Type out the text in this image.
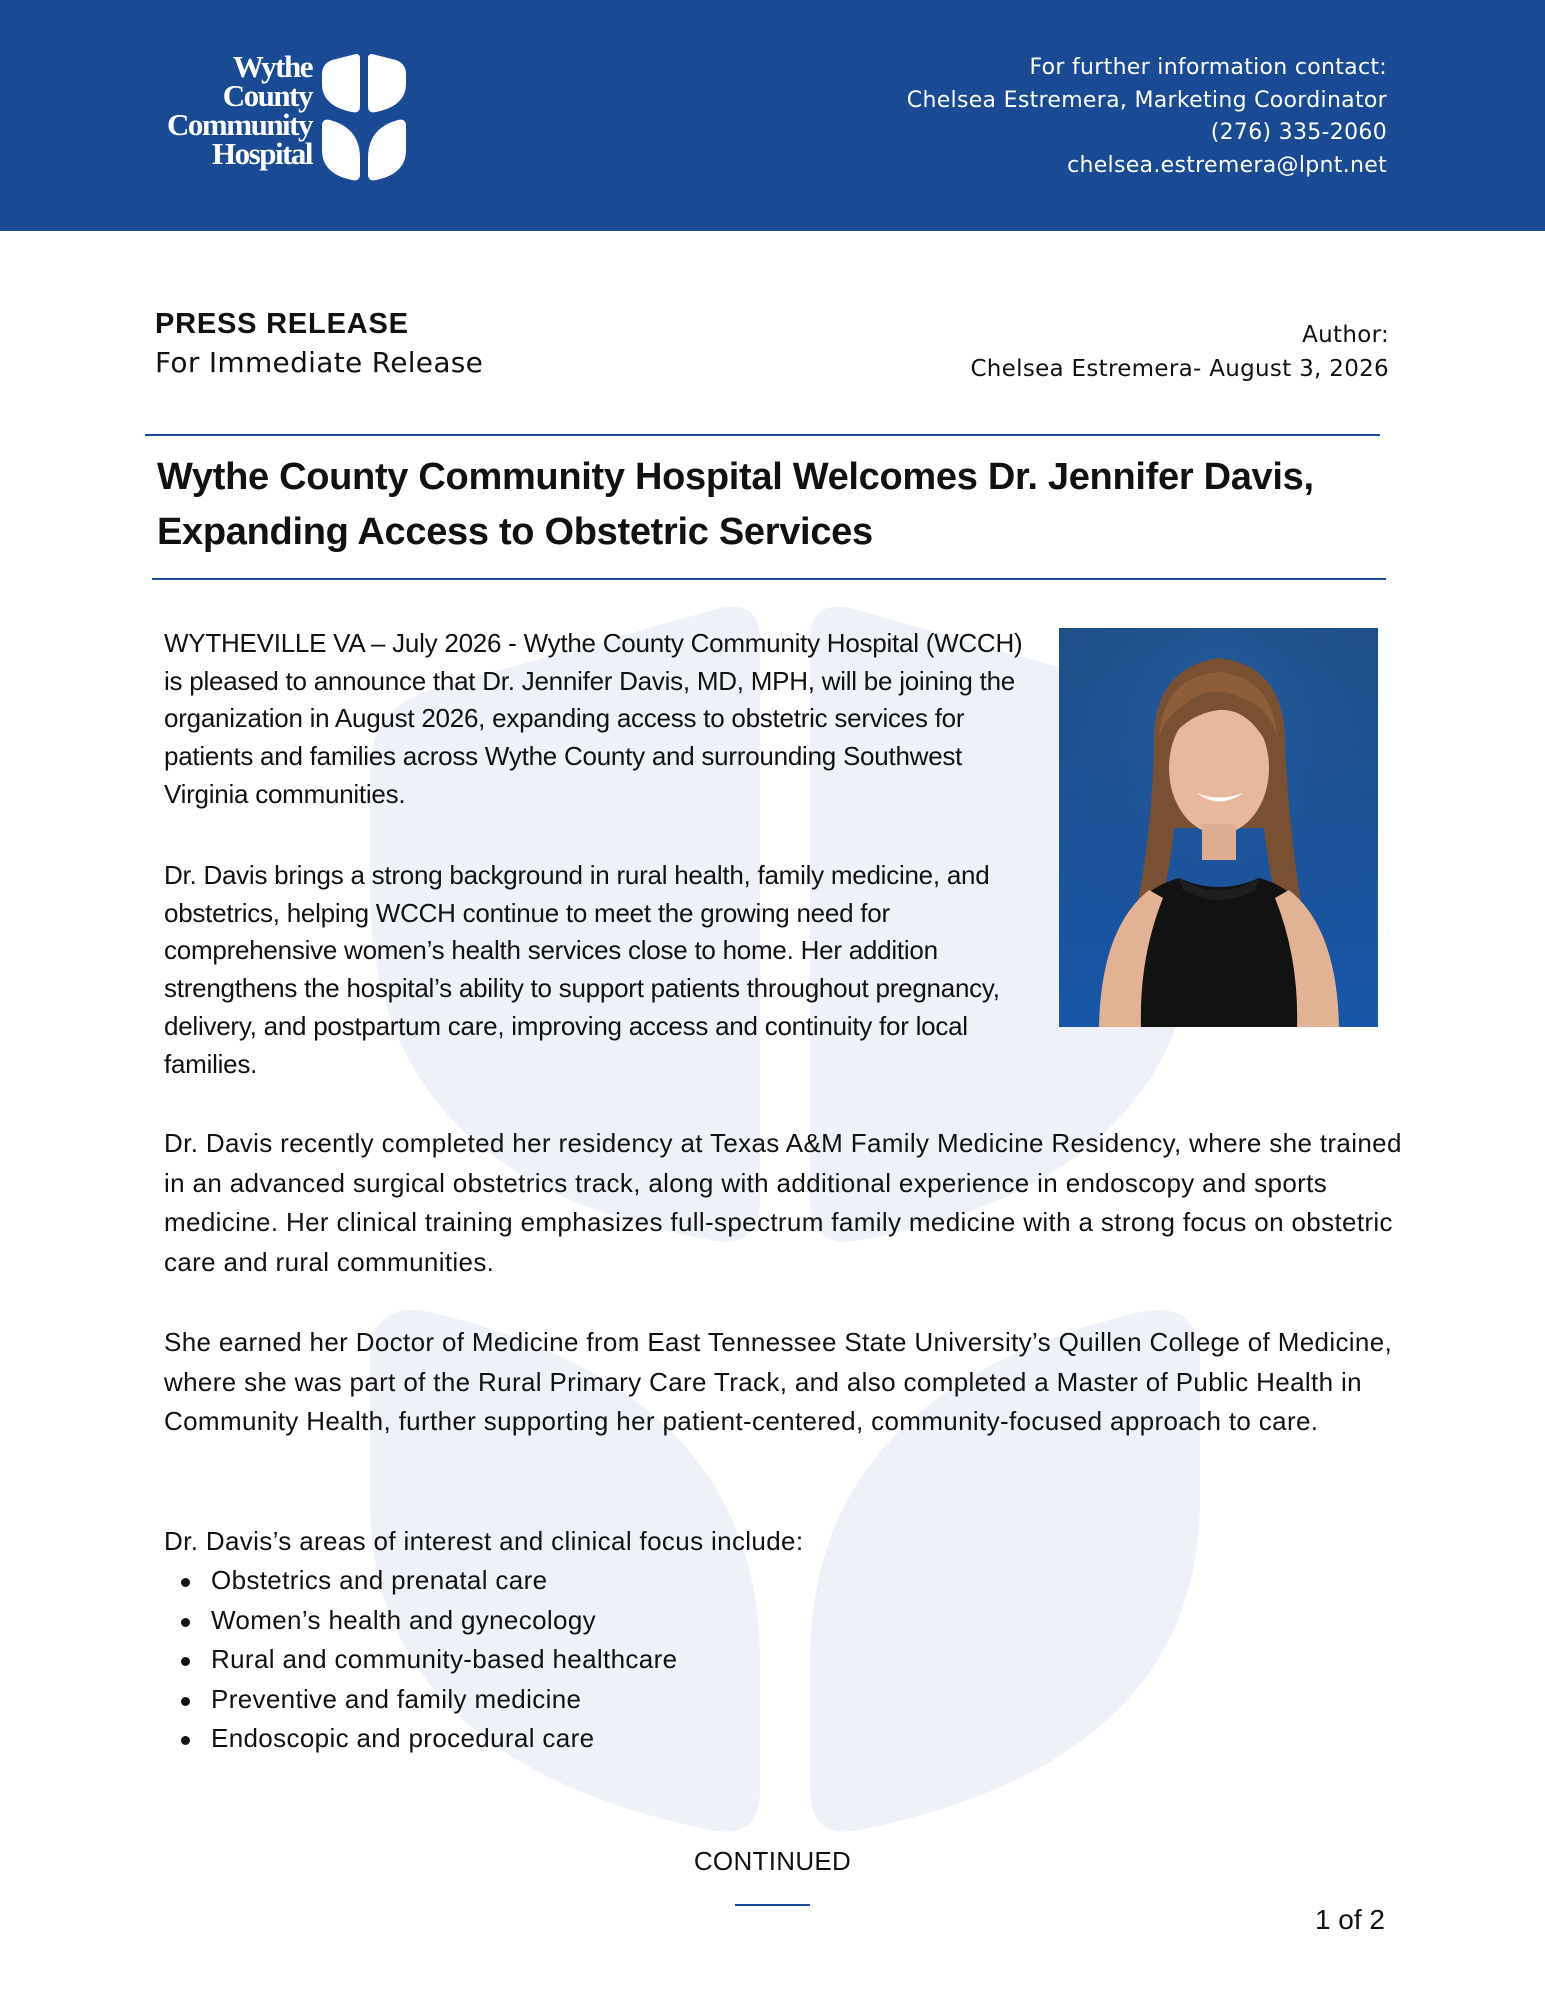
Wythe
County
Community
Hospital
For further information contact:
Chelsea Estremera, Marketing Coordinator
(276) 335-2060
chelsea.estremera@lpnt.net
PRESS RELEASE
For Immediate Release
Author:
Chelsea Estremera- August 3, 2026
Wythe County Community Hospital Welcomes Dr. Jennifer Davis,
Expanding Access to Obstetric Services

WYTHEVILLE VA – July 2026 - Wythe County Community Hospital (WCCH) is pleased to announce that Dr. Jennifer Davis, MD, MPH, will be joining the organization in August 2026, expanding access to obstetric services for patients and families across Wythe County and surrounding Southwest Virginia communities.

Dr. Davis brings a strong background in rural health, family medicine, and obstetrics, helping WCCH continue to meet the growing need for comprehensive women’s health services close to home. Her addition strengthens the hospital’s ability to support patients throughout pregnancy, delivery, and postpartum care, improving access and continuity for local families.

Dr. Davis recently completed her residency at Texas A&M Family Medicine Residency, where she trained in an advanced surgical obstetrics track, along with additional experience in endoscopy and sports medicine. Her clinical training emphasizes full-spectrum family medicine with a strong focus on obstetric care and rural communities.

She earned her Doctor of Medicine from East Tennessee State University’s Quillen College of Medicine, where she was part of the Rural Primary Care Track, and also completed a Master of Public Health in Community Health, further supporting her patient-centered, community-focused approach to care.

Dr. Davis’s areas of interest and clinical focus include:

Obstetrics and prenatal care
Women’s health and gynecology
Rural and community-based healthcare
Preventive and family medicine
Endoscopic and procedural care
CONTINUED
1 of 2
